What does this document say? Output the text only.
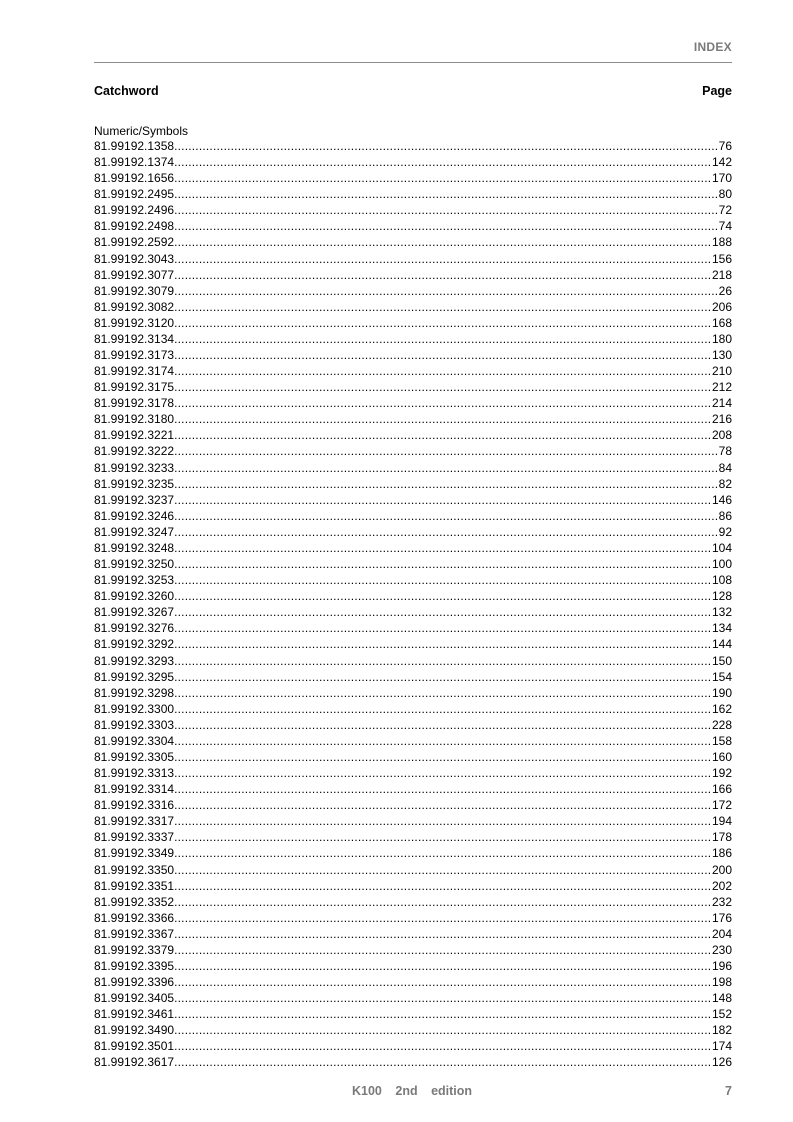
INDEX
Catchword	Page
Numeric/Symbols
81.99192.1358 .....	76
81.99192.1374 .....	142
81.99192.1656 .....	170
81.99192.2495 .....	80
81.99192.2496 .....	72
81.99192.2498 .....	74
81.99192.2592 .....	188
81.99192.3043 .....	156
81.99192.3077 .....	218
81.99192.3079 .....	26
81.99192.3082 .....	206
81.99192.3120 .....	168
81.99192.3134 .....	180
81.99192.3173 .....	130
81.99192.3174 .....	210
81.99192.3175 .....	212
81.99192.3178 .....	214
81.99192.3180 .....	216
81.99192.3221 .....	208
81.99192.3222 .....	78
81.99192.3233 .....	84
81.99192.3235 .....	82
81.99192.3237 .....	146
81.99192.3246 .....	86
81.99192.3247 .....	92
81.99192.3248 .....	104
81.99192.3250 .....	100
81.99192.3253 .....	108
81.99192.3260 .....	128
81.99192.3267 .....	132
81.99192.3276 .....	134
81.99192.3292 .....	144
81.99192.3293 .....	150
81.99192.3295 .....	154
81.99192.3298 .....	190
81.99192.3300 .....	162
81.99192.3303 .....	228
81.99192.3304 .....	158
81.99192.3305 .....	160
81.99192.3313 .....	192
81.99192.3314 .....	166
81.99192.3316 .....	172
81.99192.3317 .....	194
81.99192.3337 .....	178
81.99192.3349 .....	186
81.99192.3350 .....	200
81.99192.3351 .....	202
81.99192.3352 .....	232
81.99192.3366 .....	176
81.99192.3367 .....	204
81.99192.3379 .....	230
81.99192.3395 .....	196
81.99192.3396 .....	198
81.99192.3405 .....	148
81.99192.3461 .....	152
81.99192.3490 .....	182
81.99192.3501 .....	174
81.99192.3617 .....	126
K100 2nd edition	7
